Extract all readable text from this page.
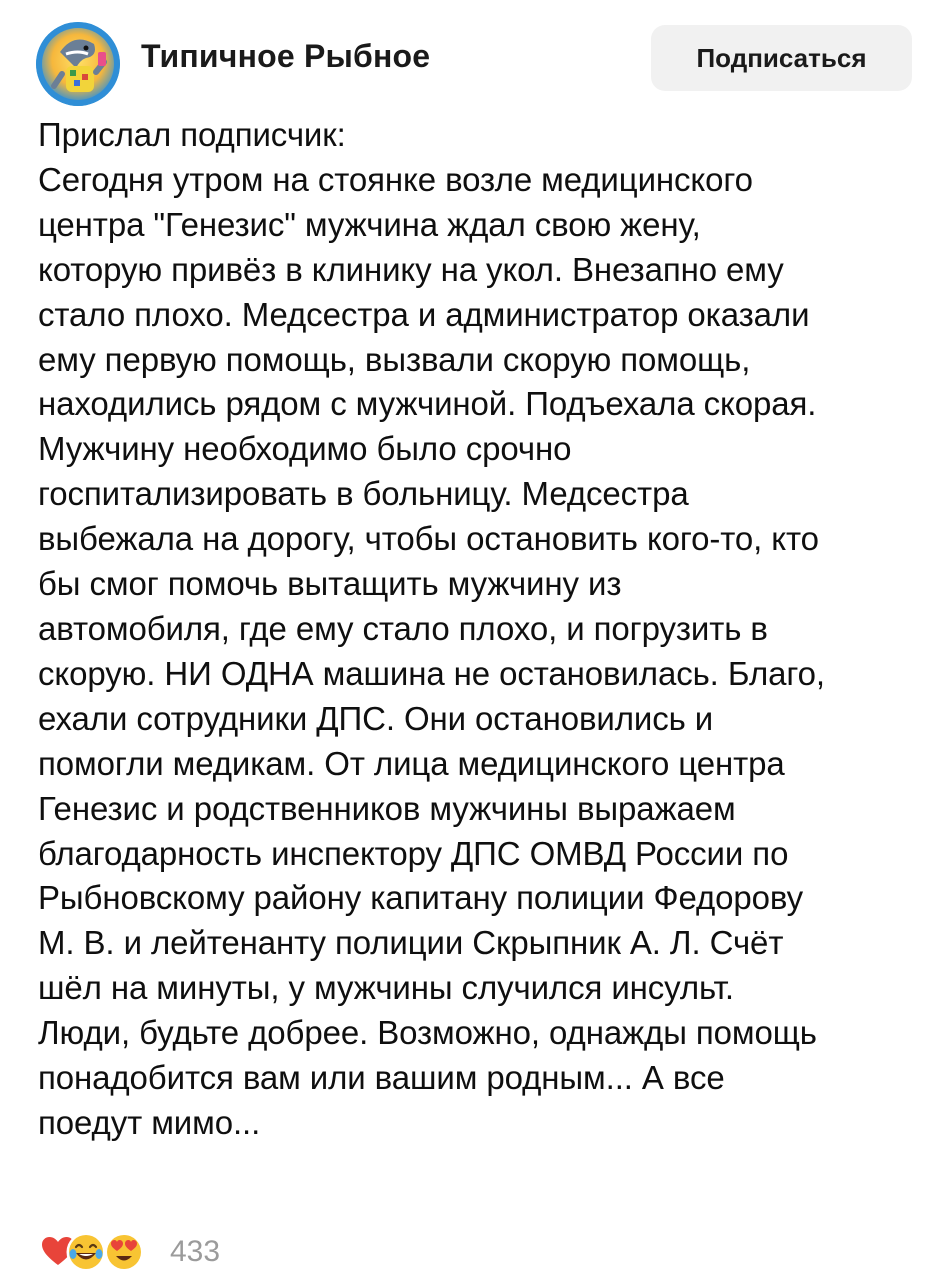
Типичное Рыбное	Подписаться
Прислал подписчик:
Сегодня утром на стоянке возле медицинского
центра "Генезис" мужчина ждал свою жену,
которую привёз в клинику на укол. Внезапно ему
стало плохо. Медсестра и администратор оказали
ему первую помощь, вызвали скорую помощь,
находились рядом с мужчиной. Подъехала скорая.
Мужчину необходимо было срочно
госпитализировать в больницу. Медсестра
выбежала на дорогу, чтобы остановить кого-то, кто
бы смог помочь вытащить мужчину из
автомобиля, где ему стало плохо, и погрузить в
скорую. НИ ОДНА машина не остановилась. Благо,
ехали сотрудники ДПС. Они остановились и
помогли медикам. От лица медицинского центра
Генезис и родственников мужчины выражаем
благодарность инспектору ДПС ОМВД России по
Рыбновскому району капитану полиции Федорову
М. В. и лейтенанту полиции Скрыпник А. Л. Счёт
шёл на минуты, у мужчины случился инсульт.
Люди, будьте добрее. Возможно, однажды помощь
понадобится вам или вашим родным... А все
поедут мимо...
433
